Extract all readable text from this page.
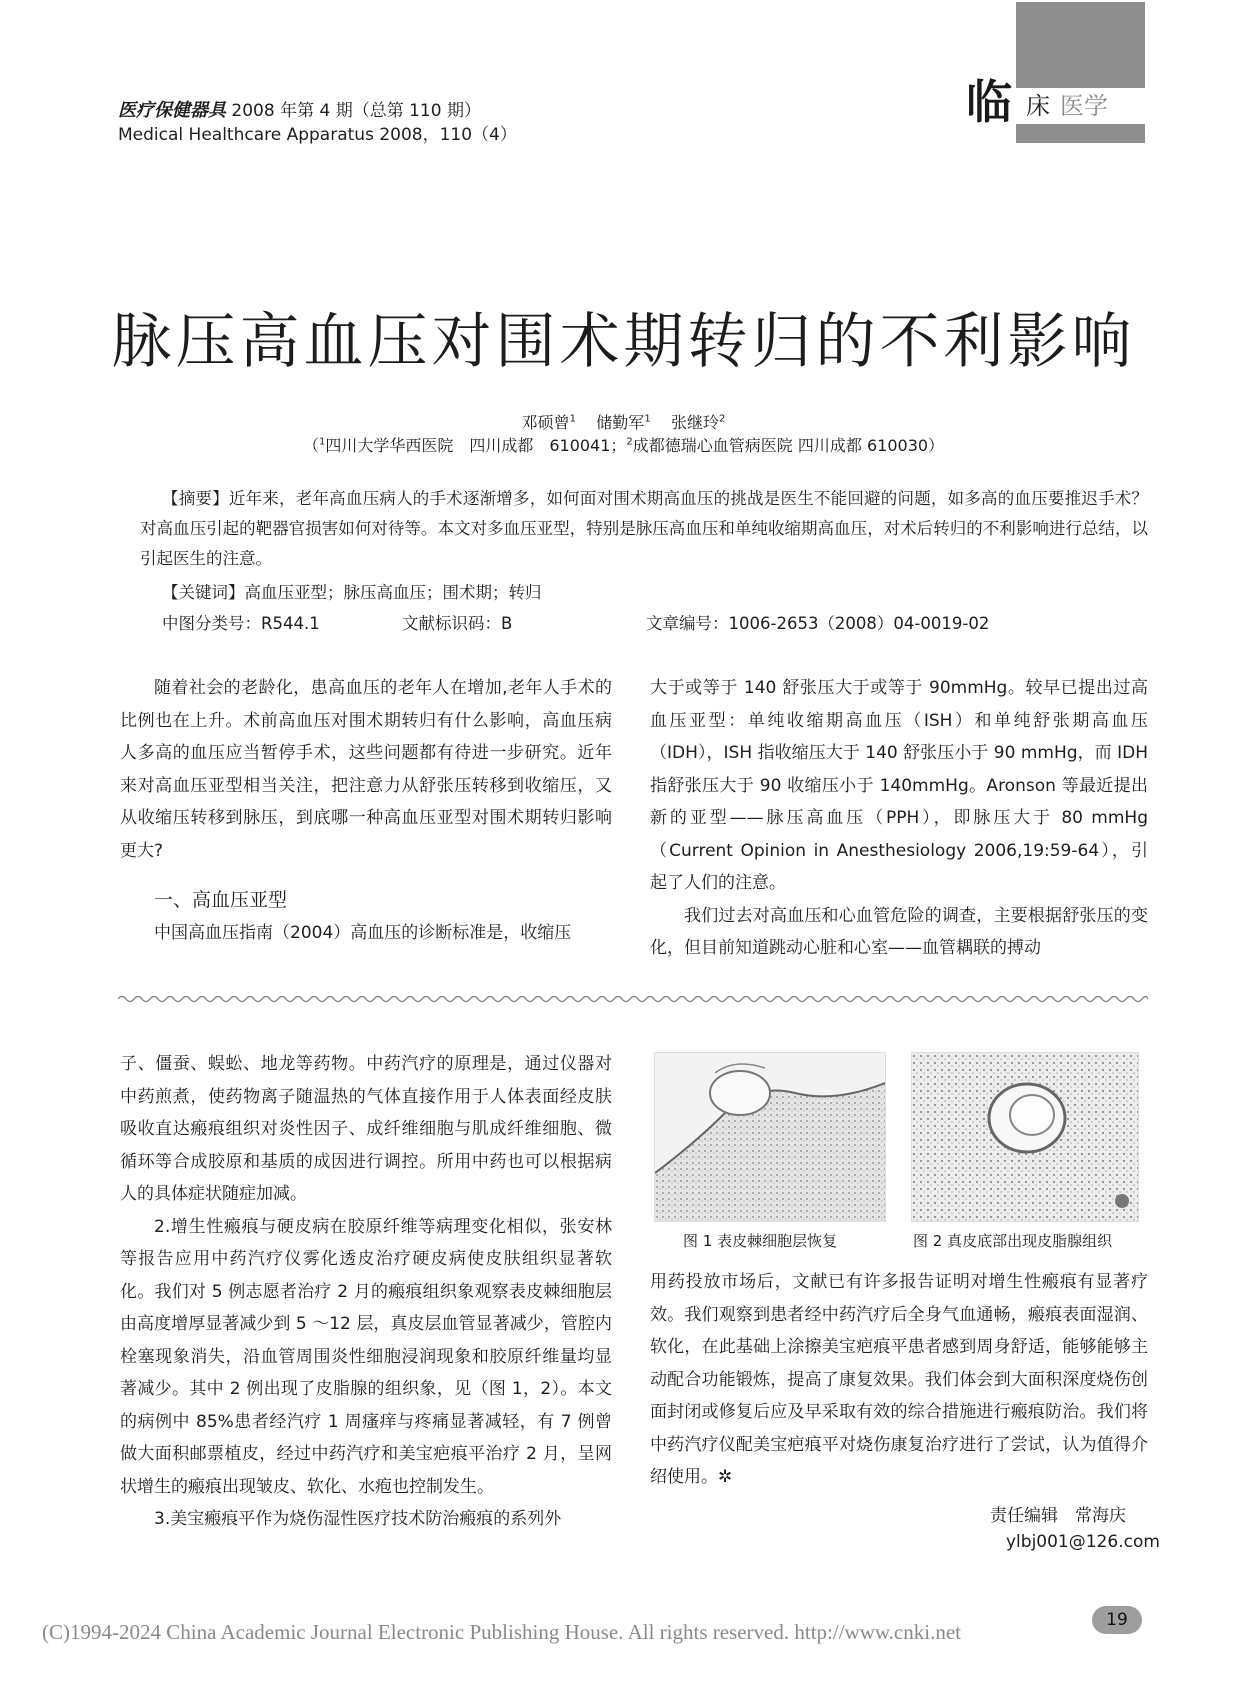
医疗保健器具 2008 年第 4 期（总第 110 期）
Medical Healthcare Apparatus 2008，110（4）
临 床 医学
脉压高血压对围术期转归的不利影响
邓硕曾$^1$ 储勤军$^1$ 张继玲$^2$
（$^1$四川大学华西医院　四川成都　610041；$^2$成都德瑞心血管病医院 四川成都 610030）

【摘要】近年来，老年高血压病人的手术逐渐增多，如何面对围术期高血压的挑战是医生不能回避的问题，如多高的血压要推迟手术？对高血压引起的靶器官损害如何对待等。本文对多血压亚型，特别是脉压高血压和单纯收缩期高血压，对术后转归的不利影响进行总结，以引起医生的注意。

【关键词】高血压亚型；脉压高血压；围术期；转归
中图分类号：R544.1	文献标识码：B	文章编号：1006-2653（2008）04-0019-02

随着社会的老龄化，患高血压的老年人在增加,老年人手术的比例也在上升。术前高血压对围术期转归有什么影响，高血压病人多高的血压应当暂停手术，这些问题都有待进一步研究。近年来对高血压亚型相当关注，把注意力从舒张压转移到收缩压，又从收缩压转移到脉压，到底哪一种高血压亚型对围术期转归影响更大?

一、高血压亚型

中国高血压指南（2004）高血压的诊断标准是，收缩压

大于或等于 140 舒张压大于或等于 90mmHg。较早已提出过高血压亚型：单纯收缩期高血压（ISH）和单纯舒张期高血压（IDH），ISH 指收缩压大于 140 舒张压小于 90 mmHg，而 IDH 指舒张压大于 90 收缩压小于 140mmHg。Aronson 等最近提出新的亚型——脉压高血压（PPH），即脉压大于 80 mmHg（Current Opinion in Anesthesiology 2006,19:59-64），引起了人们的注意。

我们过去对高血压和心血管危险的调查，主要根据舒张压的变化，但目前知道跳动心脏和心室——血管耦联的搏动

子、僵蚕、蜈蚣、地龙等药物。中药汽疗的原理是，通过仪器对中药煎煮，使药物离子随温热的气体直接作用于人体表面经皮肤吸收直达瘢痕组织对炎性因子、成纤维细胞与肌成纤维细胞、微循环等合成胶原和基质的成因进行调控。所用中药也可以根据病人的具体症状随症加减。

2.增生性瘢痕与硬皮病在胶原纤维等病理变化相似，张安林等报告应用中药汽疗仪雾化透皮治疗硬皮病使皮肤组织显著软化。我们对 5 例志愿者治疗 2 月的瘢痕组织象观察表皮棘细胞层由高度增厚显著减少到 5 ～12 层，真皮层血管显著减少，管腔内栓塞现象消失，沿血管周围炎性细胞浸润现象和胶原纤维量均显著减少。其中 2 例出现了皮脂腺的组织象，见（图 1，2）。本文的病例中 85%患者经汽疗 1 周瘙痒与疼痛显著减轻，有 7 例曾做大面积邮票植皮，经过中药汽疗和美宝疤痕平治疗 2 月，呈网状增生的瘢痕出现皱皮、软化、水疱也控制发生。

3.美宝瘢痕平作为烧伤湿性医疗技术防治瘢痕的系列外

图 1 表皮棘细胞层恢复	图 2 真皮底部出现皮脂腺组织

用药投放市场后，文献已有许多报告证明对增生性瘢痕有显著疗效。我们观察到患者经中药汽疗后全身气血通畅，瘢痕表面湿润、软化，在此基础上涂擦美宝疤痕平患者感到周身舒适，能够能够主动配合功能锻炼，提高了康复效果。我们体会到大面积深度烧伤创面封闭或修复后应及早采取有效的综合措施进行瘢痕防治。我们将中药汽疗仪配美宝疤痕平对烧伤康复治疗进行了尝试，认为值得介绍使用。✲

责任编辑　常海庆
ylbj001@126.com
19
(C)1994-2024 China Academic Journal Electronic Publishing House. All rights reserved. http://www.cnki.net
